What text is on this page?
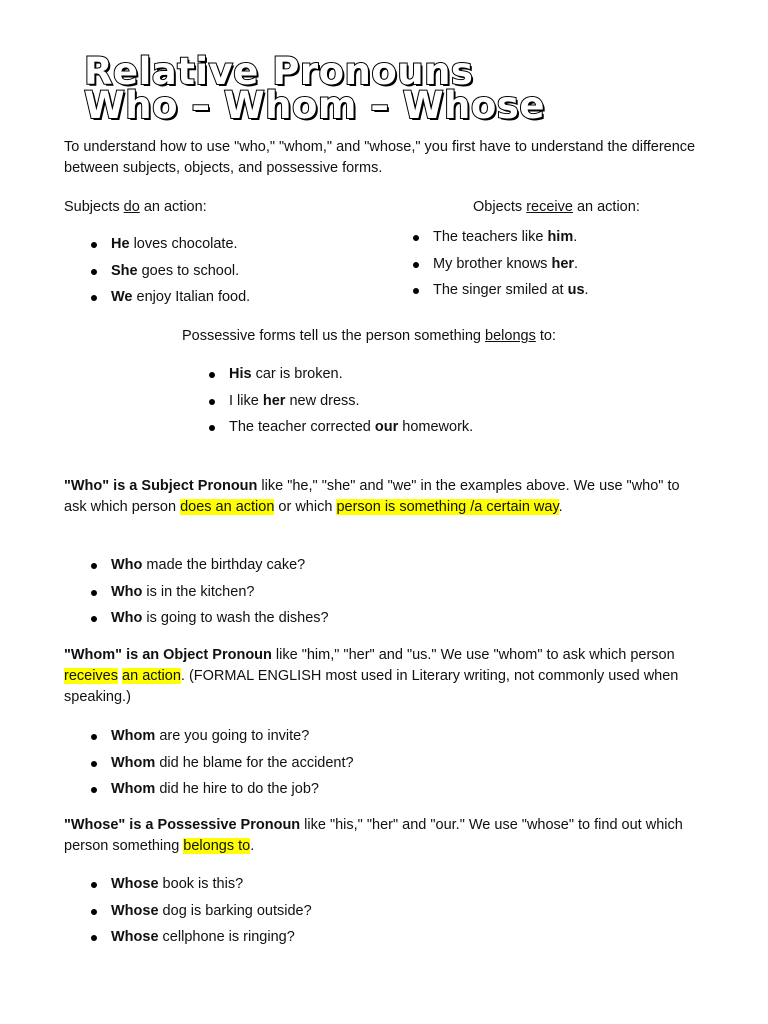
Relative Pronouns
Who – Whom – Whose

To understand how to use "who," "whom," and "whose," you first have to understand the difference between subjects, objects, and possessive forms.

Subjects do an action:	Objects receive an action:

He loves chocolate.
She goes to school.
We enjoy Italian food.
The teachers like him.
My brother knows her.
The singer smiled at us.

Possessive forms tell us the person something belongs to:

His car is broken.
I like her new dress.
The teacher corrected our homework.

"Who" is a Subject Pronoun like "he," "she" and "we" in the examples above. We use "who" to ask which person does an action or which person is something /a certain way.

Who made the birthday cake?
Who is in the kitchen?
Who is going to wash the dishes?

"Whom" is an Object Pronoun like "him," "her" and "us." We use "whom" to ask which person receives an action. (FORMAL ENGLISH most used in Literary writing, not commonly used when speaking.)

Whom are you going to invite?
Whom did he blame for the accident?
Whom did he hire to do the job?

"Whose" is a Possessive Pronoun like "his," "her" and "our." We use "whose" to find out which person something belongs to.

Whose book is this?
Whose dog is barking outside?
Whose cellphone is ringing?
